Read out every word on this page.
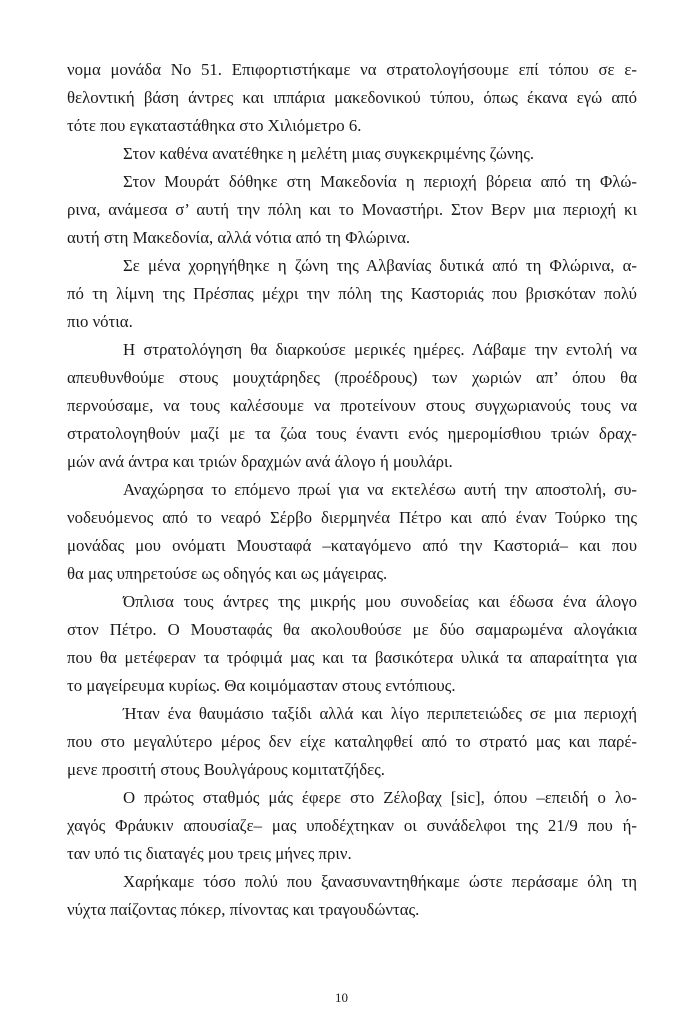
νομα μονάδα Νο 51. Επιφορτιστήκαμε να στρατολογήσουμε επί τόπου σε ε-
θελοντική βάση άντρες και ιππάρια μακεδονικού τύπου, όπως έκανα εγώ από
τότε που εγκαταστάθηκα στο Χιλιόμετρο 6.
Στον καθένα ανατέθηκε η μελέτη μιας συγκεκριμένης ζώνης.
Στον Μουράτ δόθηκε στη Μακεδονία η περιοχή βόρεια από τη Φλώ-
ρινα, ανάμεσα σ’ αυτή την πόλη και το Μοναστήρι. Στον Βερν μια περιοχή κι
αυτή στη Μακεδονία, αλλά νότια από τη Φλώρινα.
Σε μένα χορηγήθηκε η ζώνη της Αλβανίας δυτικά από τη Φλώρινα, α-
πό τη λίμνη της Πρέσπας μέχρι την πόλη της Καστοριάς που βρισκόταν πολύ
πιο νότια.
Η στρατολόγηση θα διαρκούσε μερικές ημέρες. Λάβαμε την εντολή να
απευθυνθούμε στους μουχτάρηδες (προέδρους) των χωριών απ’ όπου θα
περνούσαμε, να τους καλέσουμε να προτείνουν στους συγχωριανούς τους να
στρατολογηθούν μαζί με τα ζώα τους έναντι ενός ημερομίσθιου τριών δραχ-
μών ανά άντρα και τριών δραχμών ανά άλογο ή μουλάρι.
Αναχώρησα το επόμενο πρωί για να εκτελέσω αυτή την αποστολή, συ-
νοδευόμενος από το νεαρό Σέρβο διερμηνέα Πέτρο και από έναν Τούρκο της
μονάδας μου ονόματι Μουσταφά –καταγόμενο από την Καστοριά– και που
θα μας υπηρετούσε ως οδηγός και ως μάγειρας.
Όπλισα τους άντρες της μικρής μου συνοδείας και έδωσα ένα άλογο
στον Πέτρο. Ο Μουσταφάς θα ακολουθούσε με δύο σαμαρωμένα αλογάκια
που θα μετέφεραν τα τρόφιμά μας και τα βασικότερα υλικά τα απαραίτητα για
το μαγείρευμα κυρίως. Θα κοιμόμασταν στους εντόπιους.
Ήταν ένα θαυμάσιο ταξίδι αλλά και λίγο περιπετειώδες σε μια περιοχή
που στο μεγαλύτερο μέρος δεν είχε καταληφθεί από το στρατό μας και παρέ-
μενε προσιτή στους Βουλγάρους κομιτατζήδες.
Ο πρώτος σταθμός μάς έφερε στο Ζέλοβαχ [sic], όπου –επειδή ο λο-
χαγός Φράυκιν απουσίαζε– μας υποδέχτηκαν οι συνάδελφοι της 21/9 που ή-
ταν υπό τις διαταγές μου τρεις μήνες πριν.
Χαρήκαμε τόσο πολύ που ξανασυναντηθήκαμε ώστε περάσαμε όλη τη
νύχτα παίζοντας πόκερ, πίνοντας και τραγουδώντας.
10
